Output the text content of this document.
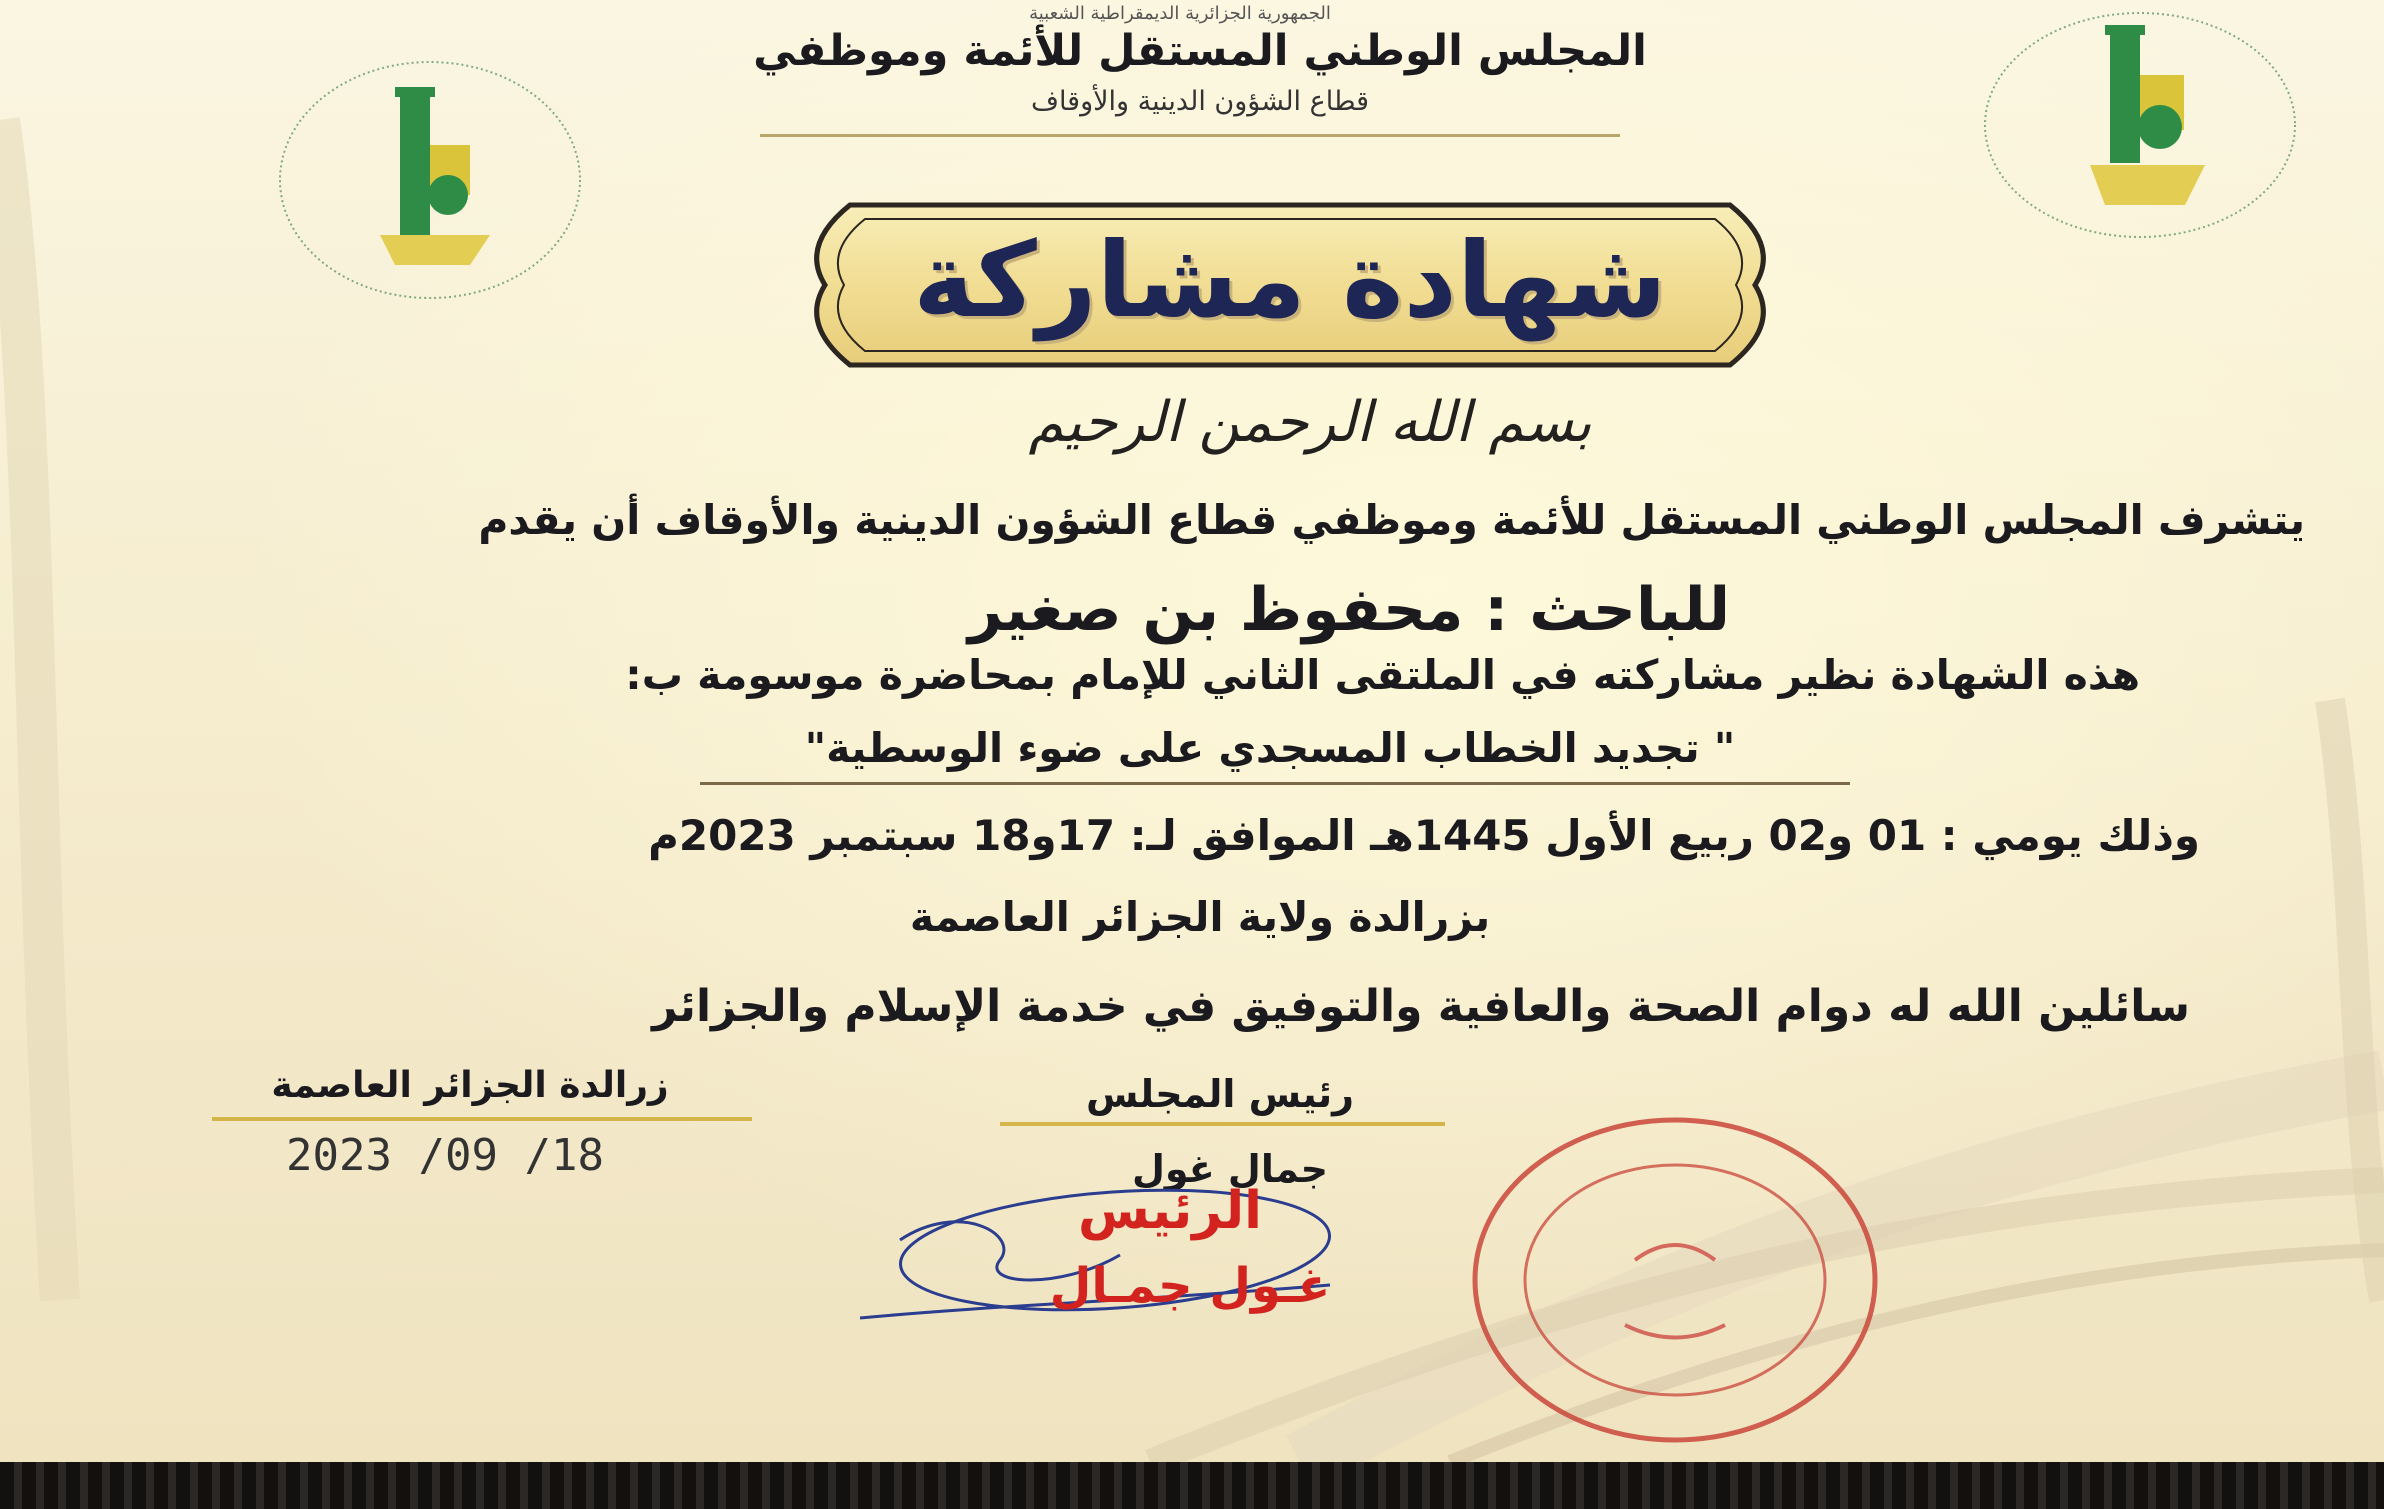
الجمهورية الجزائرية الديمقراطية الشعبية
المجلس الوطني المستقل للأئمة وموظفي
قطاع الشؤون الدينية والأوقاف
شهادة مشاركة
بسم الله الرحمن الرحيم
يتشرف المجلس الوطني المستقل للأئمة وموظفي قطاع الشؤون الدينية والأوقاف أن يقدم
للباحث : محفوظ بن صغير
هذه الشهادة نظير مشاركته في الملتقى الثاني للإمام بمحاضرة موسومة ب:
" تجديد الخطاب المسجدي على ضوء الوسطية"
وذلك يومي : 01 و02 ربيع الأول 1445هـ الموافق لـ: 17و18 سبتمبر 2023م
بزرالدة ولاية الجزائر العاصمة
سائلين الله له دوام الصحة والعافية والتوفيق في خدمة الإسلام والجزائر
زرالدة الجزائر العاصمة
2023 /09 /18
رئيس المجلس
جمال غول
الرئيس
غـول جمـال
